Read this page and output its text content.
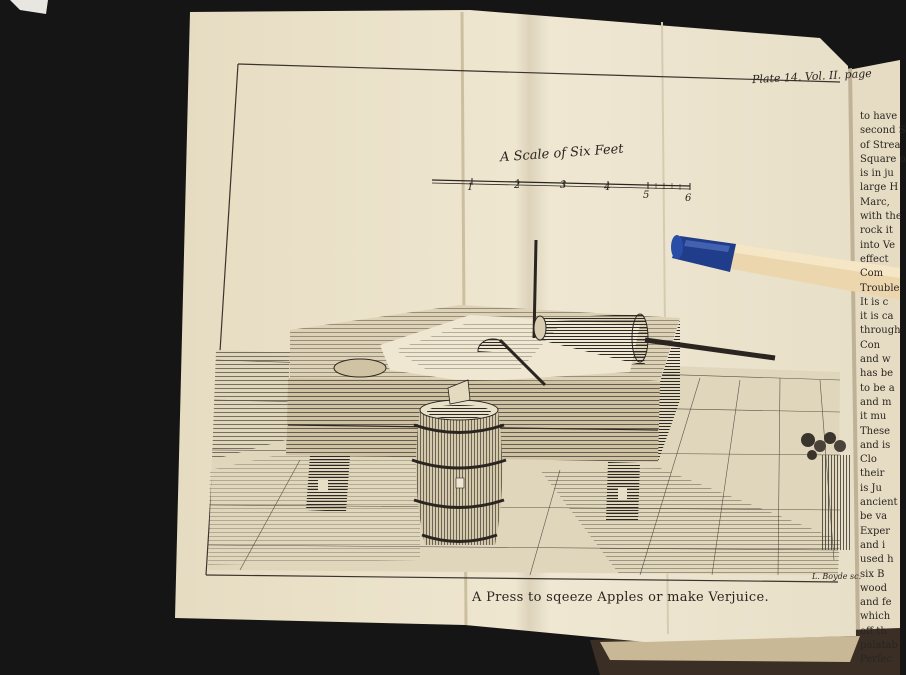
Plate 14. Vol. II. page
A Scale of Six Feet
1	2	3	4
5	6
A Press to sqeeze Apples or make Verjuice.
L. Boyde sc.
to have
second S
of Strea
Square o
is in ju
large H
Marc,
with the
rock it
into Ve
effect
Com
Trouble
It is c
it is ca
through
Con
and w
has be
to be a
and m
it mu
These
and is
Clo
their
is Ju
ancient
be va
Exper
and i
used h
six B
wood
and fe
which
off th
palatab
Perfec
